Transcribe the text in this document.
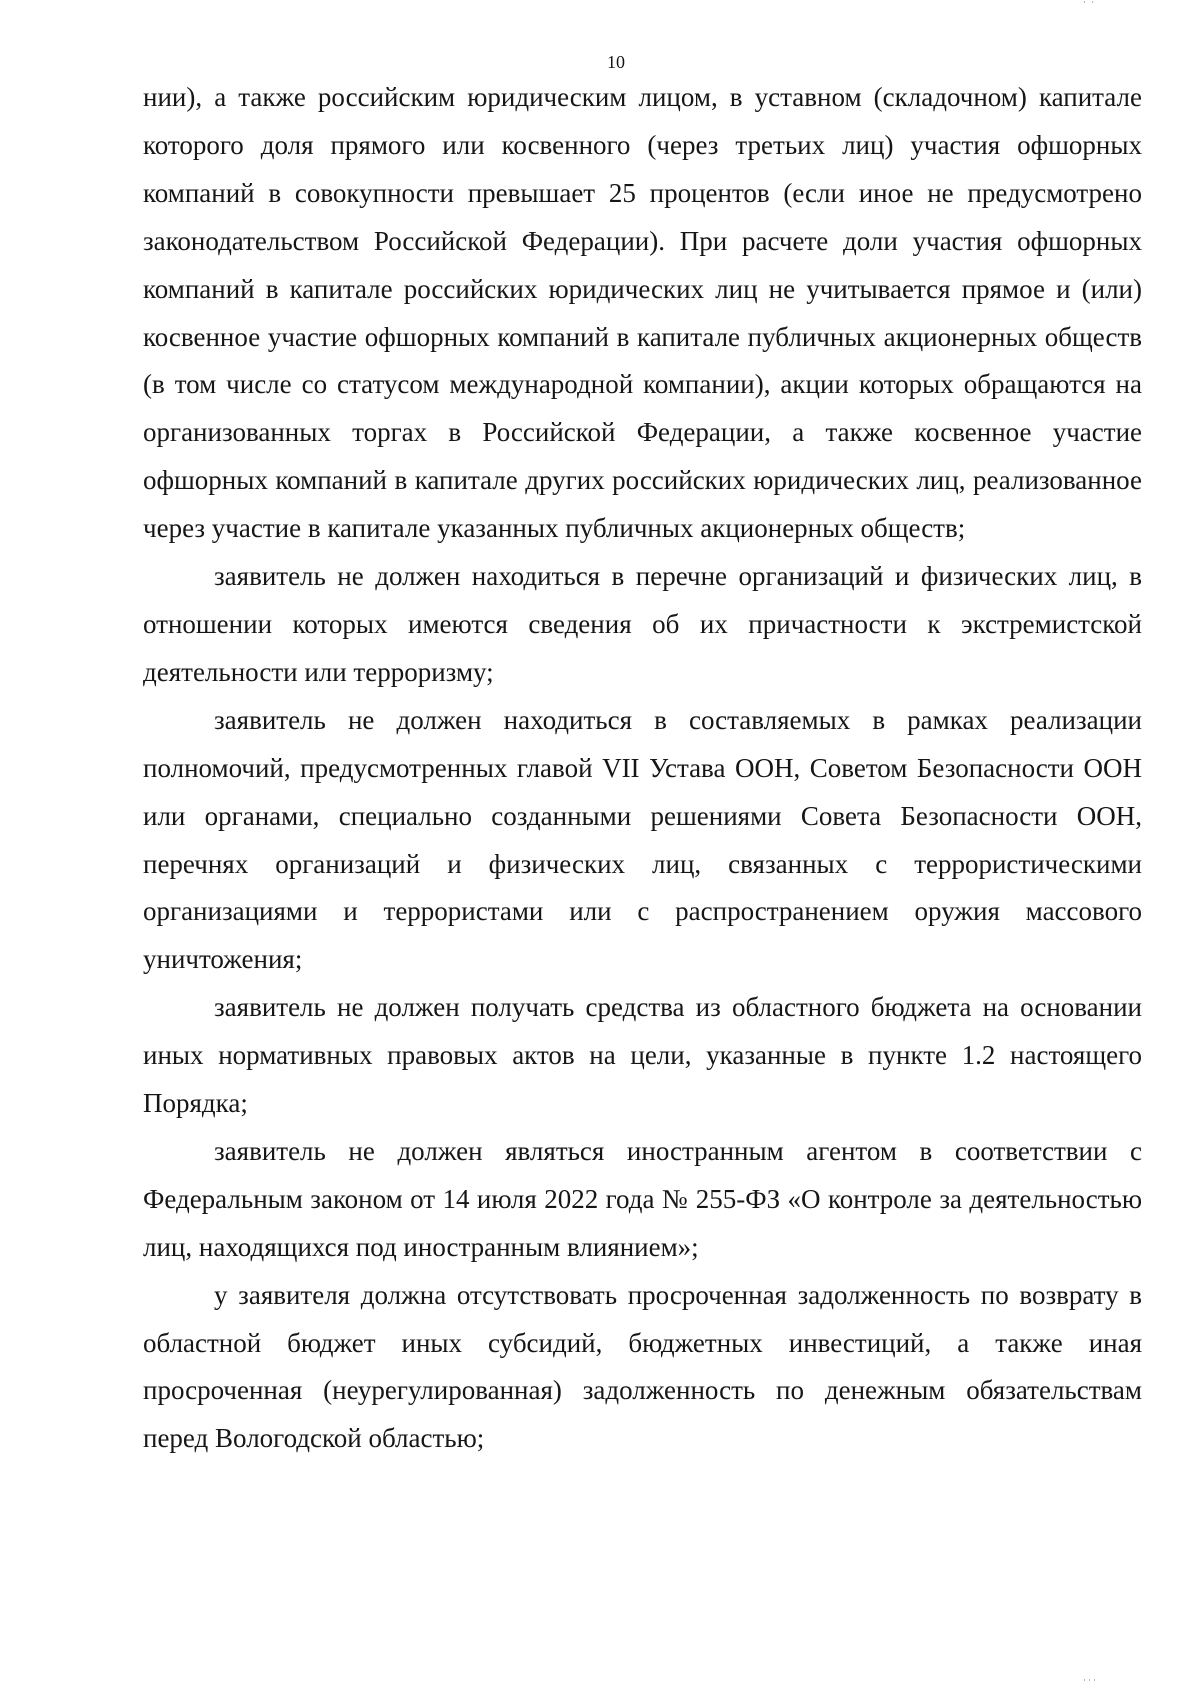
10

нии), а также российским юридическим лицом, в уставном (складочном) капитале которого доля прямого или косвенного (через третьих лиц) участия офшорных компаний в совокупности превышает 25 процентов (если иное не предусмотрено законодательством Российской Федерации). При расчете доли участия офшорных компаний в капитале российских юридических лиц не учитывается прямое и (или) косвенное участие офшорных компаний в капитале публичных акционерных обществ (в том числе со статусом международной компании), акции которых обращаются на организованных торгах в Российской Федерации, а также косвенное участие офшорных компаний в капитале других российских юридических лиц, реализованное через участие в капитале указанных публичных акционерных обществ;

заявитель не должен находиться в перечне организаций и физических лиц, в отношении которых имеются сведения об их причастности к экстремистской деятельности или терроризму;

заявитель не должен находиться в составляемых в рамках реализации полномочий, предусмотренных главой VII Устава ООН, Советом Безопасности ООН или органами, специально созданными решениями Совета Безопасности ООН, перечнях организаций и физических лиц, связанных с террористическими организациями и террористами или с распространением оружия массового уничтожения;

заявитель не должен получать средства из областного бюджета на основании иных нормативных правовых актов на цели, указанные в пункте 1.2 настоящего Порядка;

заявитель не должен являться иностранным агентом в соответствии с Федеральным законом от 14 июля 2022 года № 255-ФЗ «О контроле за деятельностью лиц, находящихся под иностранным влиянием»;

у заявителя должна отсутствовать просроченная задолженность по возврату в областной бюджет иных субсидий, бюджетных инвестиций, а также иная просроченная (неурегулированная) задолженность по денежным обязательствам перед Вологодской областью;

˙ ˙
˙˙˙
